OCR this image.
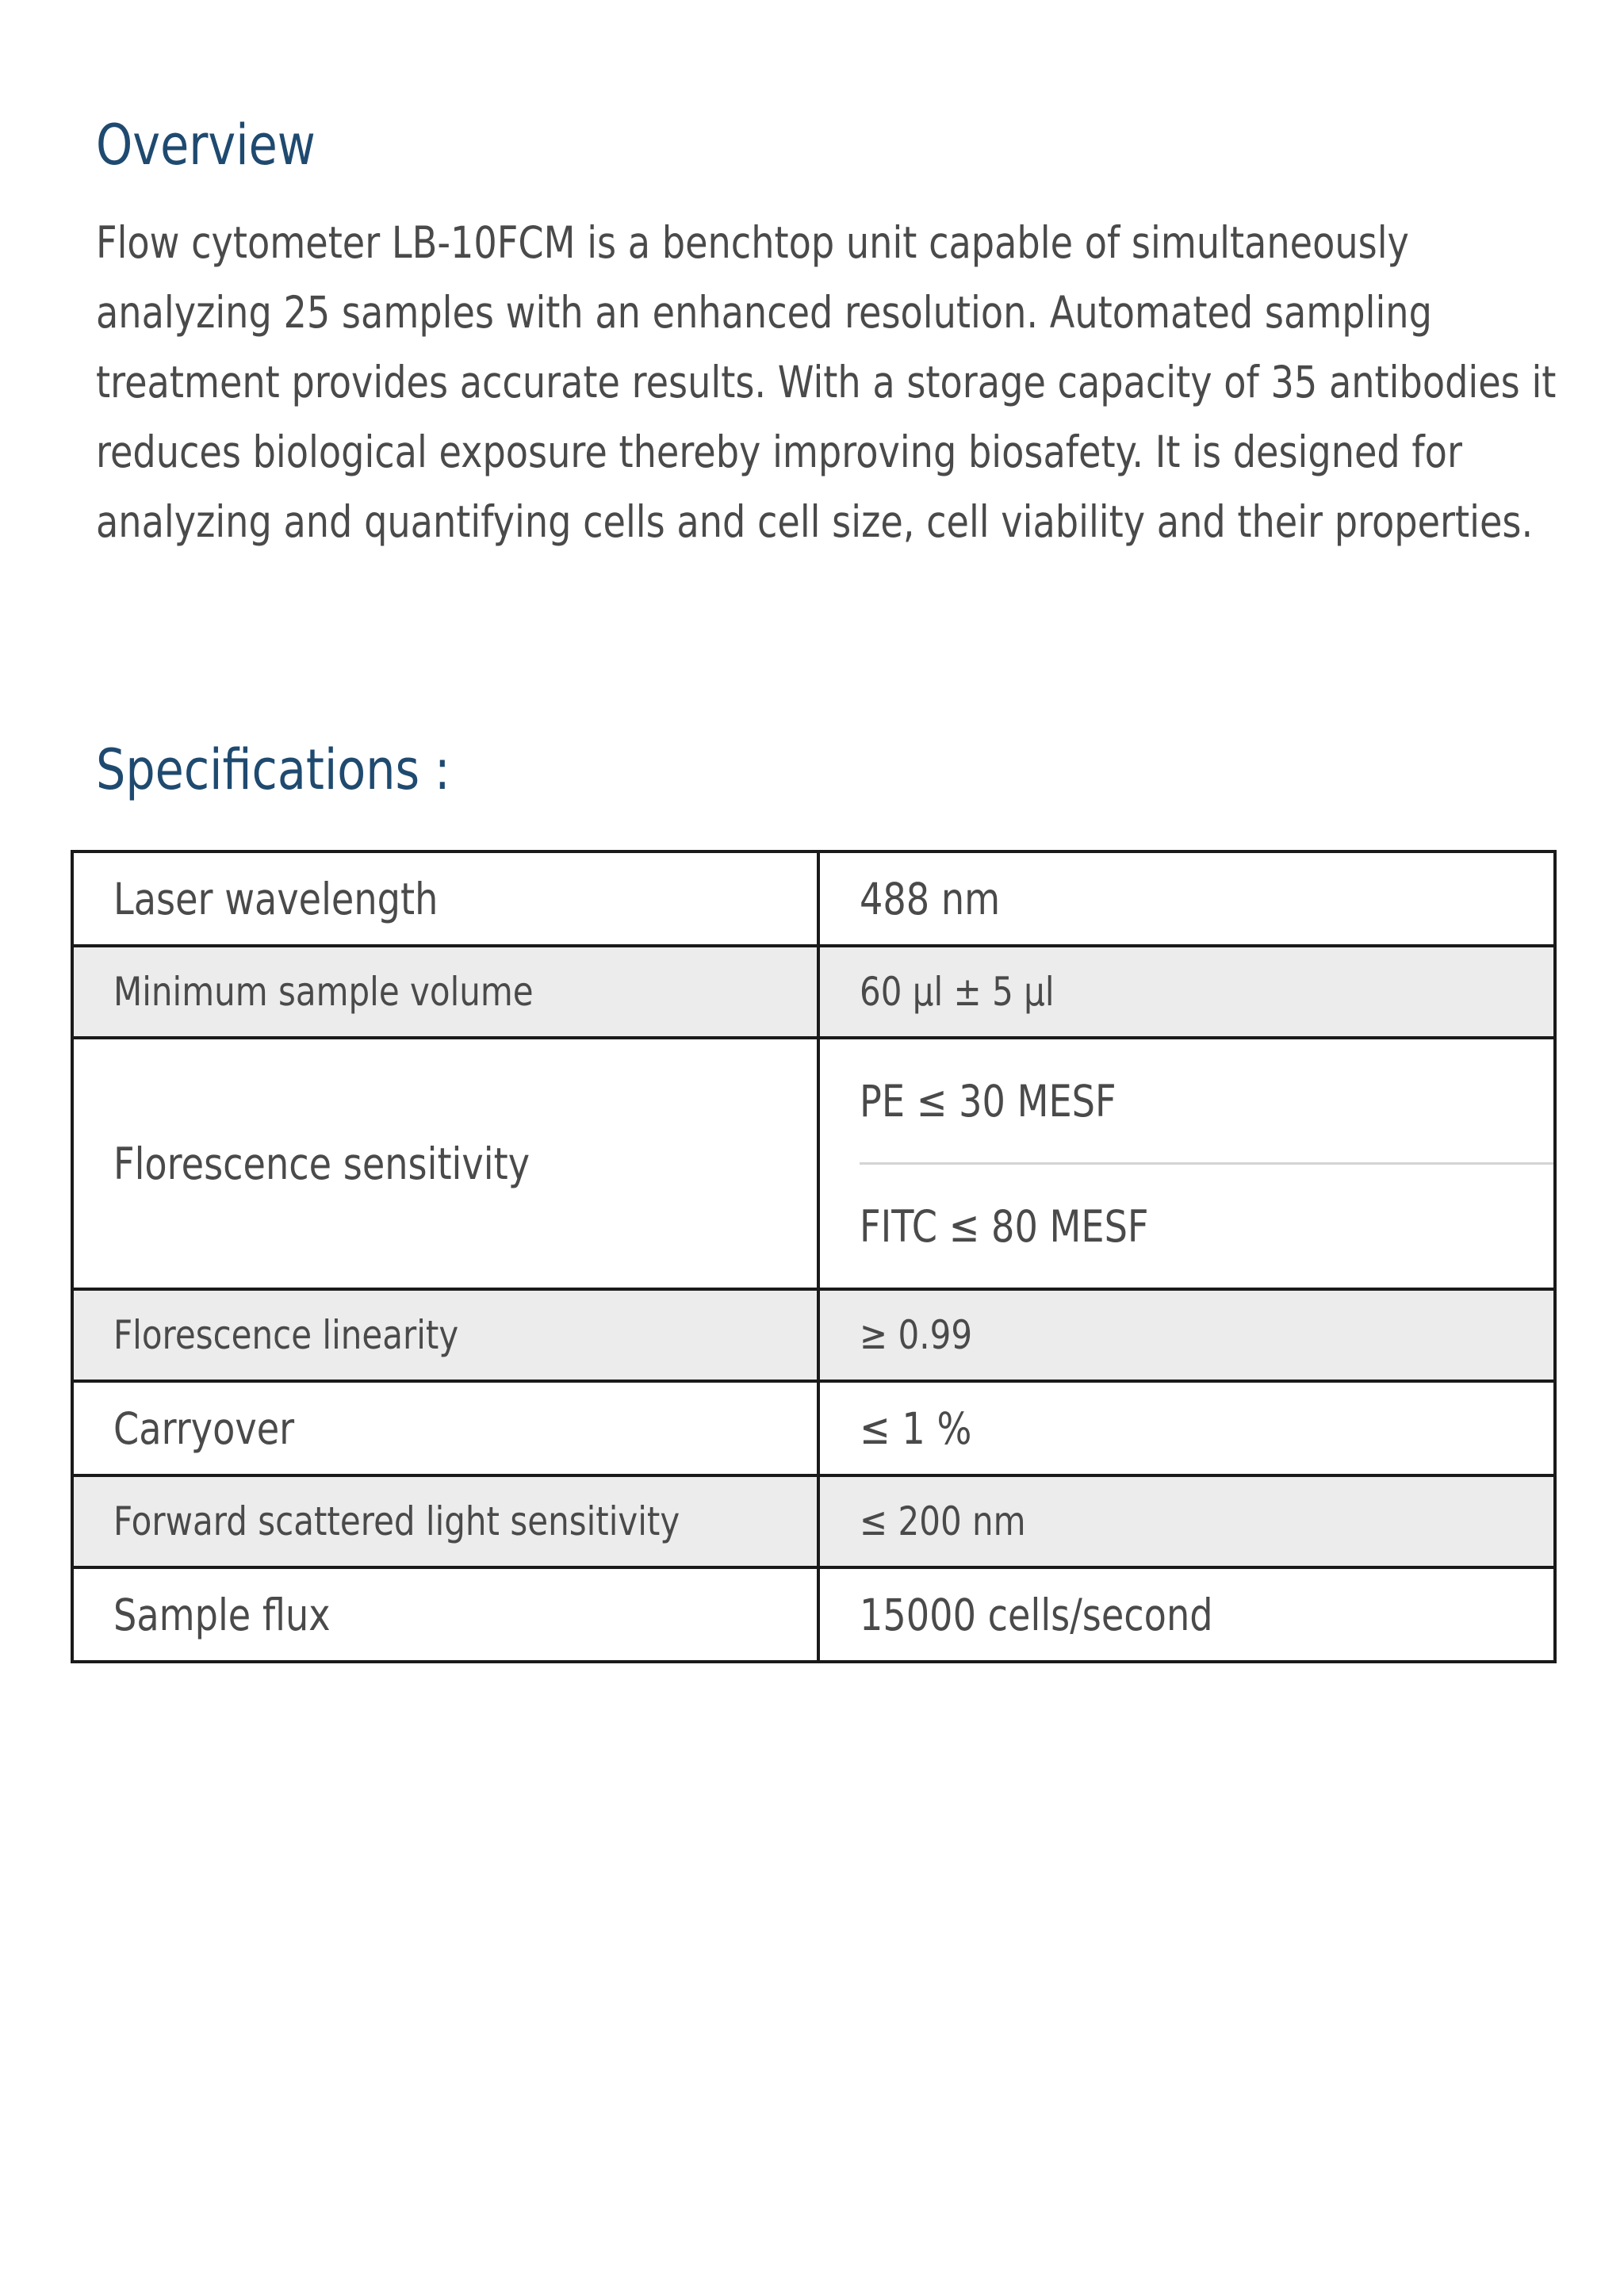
Overview

Flow cytometer LB-10FCM is a benchtop unit capable of simultaneously analyzing 25 samples with an enhanced resolution. Automated sampling treatment provides accurate results. With a storage capacity of 35 antibodies it reduces biological exposure thereby improving biosafety. It is designed for analyzing and quantifying cells and cell size, cell viability and their properties.

Specifications :
Laser wavelength	488 nm
Minimum sample volume	60 µl ± 5 µl
Florescence sensitivity	PE ≤ 30 MESF
FITC ≤ 80 MESF

Florescence linearity	≥ 0.99
Carryover	≤ 1 %
Forward scattered light sensitivity	≤ 200 nm
Sample flux	15000 cells/second
